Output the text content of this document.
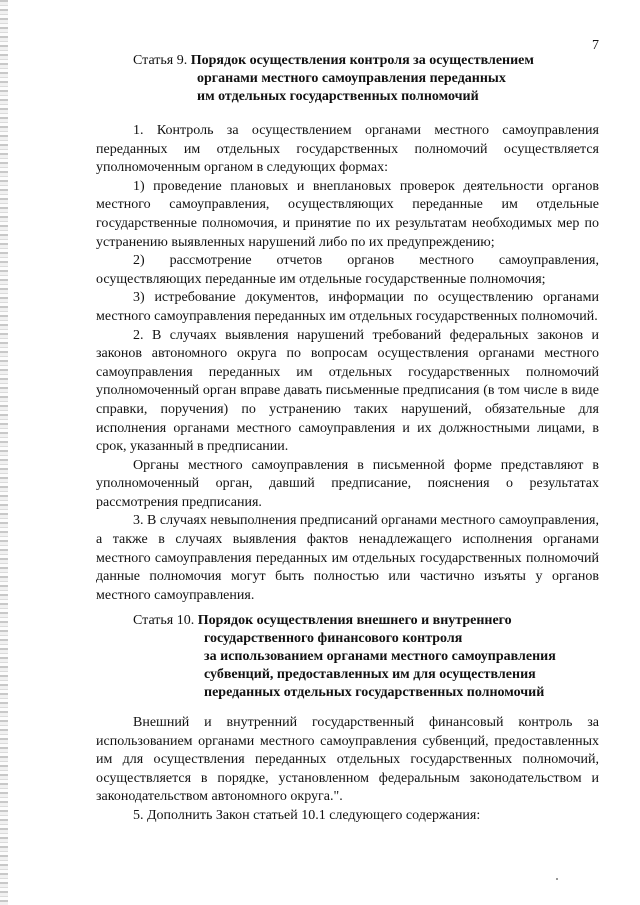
7
Статья 9. Порядок осуществления контроля за осуществлением
органами местного самоуправления переданных
им отдельных государственных полномочий

1. Контроль за осуществлением органами местного самоуправления переданных им отдельных государственных полномочий осуществляется уполномоченным органом в следующих формах:

1) проведение плановых и внеплановых проверок деятельности органов местного самоуправления, осуществляющих переданные им отдельные государственные полномочия, и принятие по их результатам необходимых мер по устранению выявленных нарушений либо по их предупреждению;

2) рассмотрение отчетов органов местного самоуправления, осуществляющих переданные им отдельные государственные полномочия;

3) истребование документов, информации по осуществлению органами местного самоуправления переданных им отдельных государственных полномочий.

2. В случаях выявления нарушений требований федеральных законов и законов автономного округа по вопросам осуществления органами местного самоуправления переданных им отдельных государственных полномочий уполномоченный орган вправе давать письменные предписания (в том числе в виде справки, поручения) по устранению таких нарушений, обязательные для исполнения органами местного самоуправления и их должностными лицами, в срок, указанный в предписании.

Органы местного самоуправления в письменной форме представляют в уполномоченный орган, давший предписание, пояснения о результатах рассмотрения предписания.

3. В случаях невыполнения предписаний органами местного самоуправления, а также в случаях выявления фактов ненадлежащего исполнения органами местного самоуправления переданных им отдельных государственных полномочий данные полномочия могут быть полностью или частично изъяты у органов местного самоуправления.

Статья 10. Порядок осуществления внешнего и внутреннего
государственного финансового контроля
за использованием органами местного самоуправления
субвенций, предоставленных им для осуществления
переданных отдельных государственных полномочий

Внешний и внутренний государственный финансовый контроль за использованием органами местного самоуправления субвенций, предоставленных им для осуществления переданных отдельных государственных полномочий, осуществляется в порядке, установленном федеральным законодательством и законодательством автономного округа.".

5. Дополнить Закон статьей 10.1 следующего содержания:
